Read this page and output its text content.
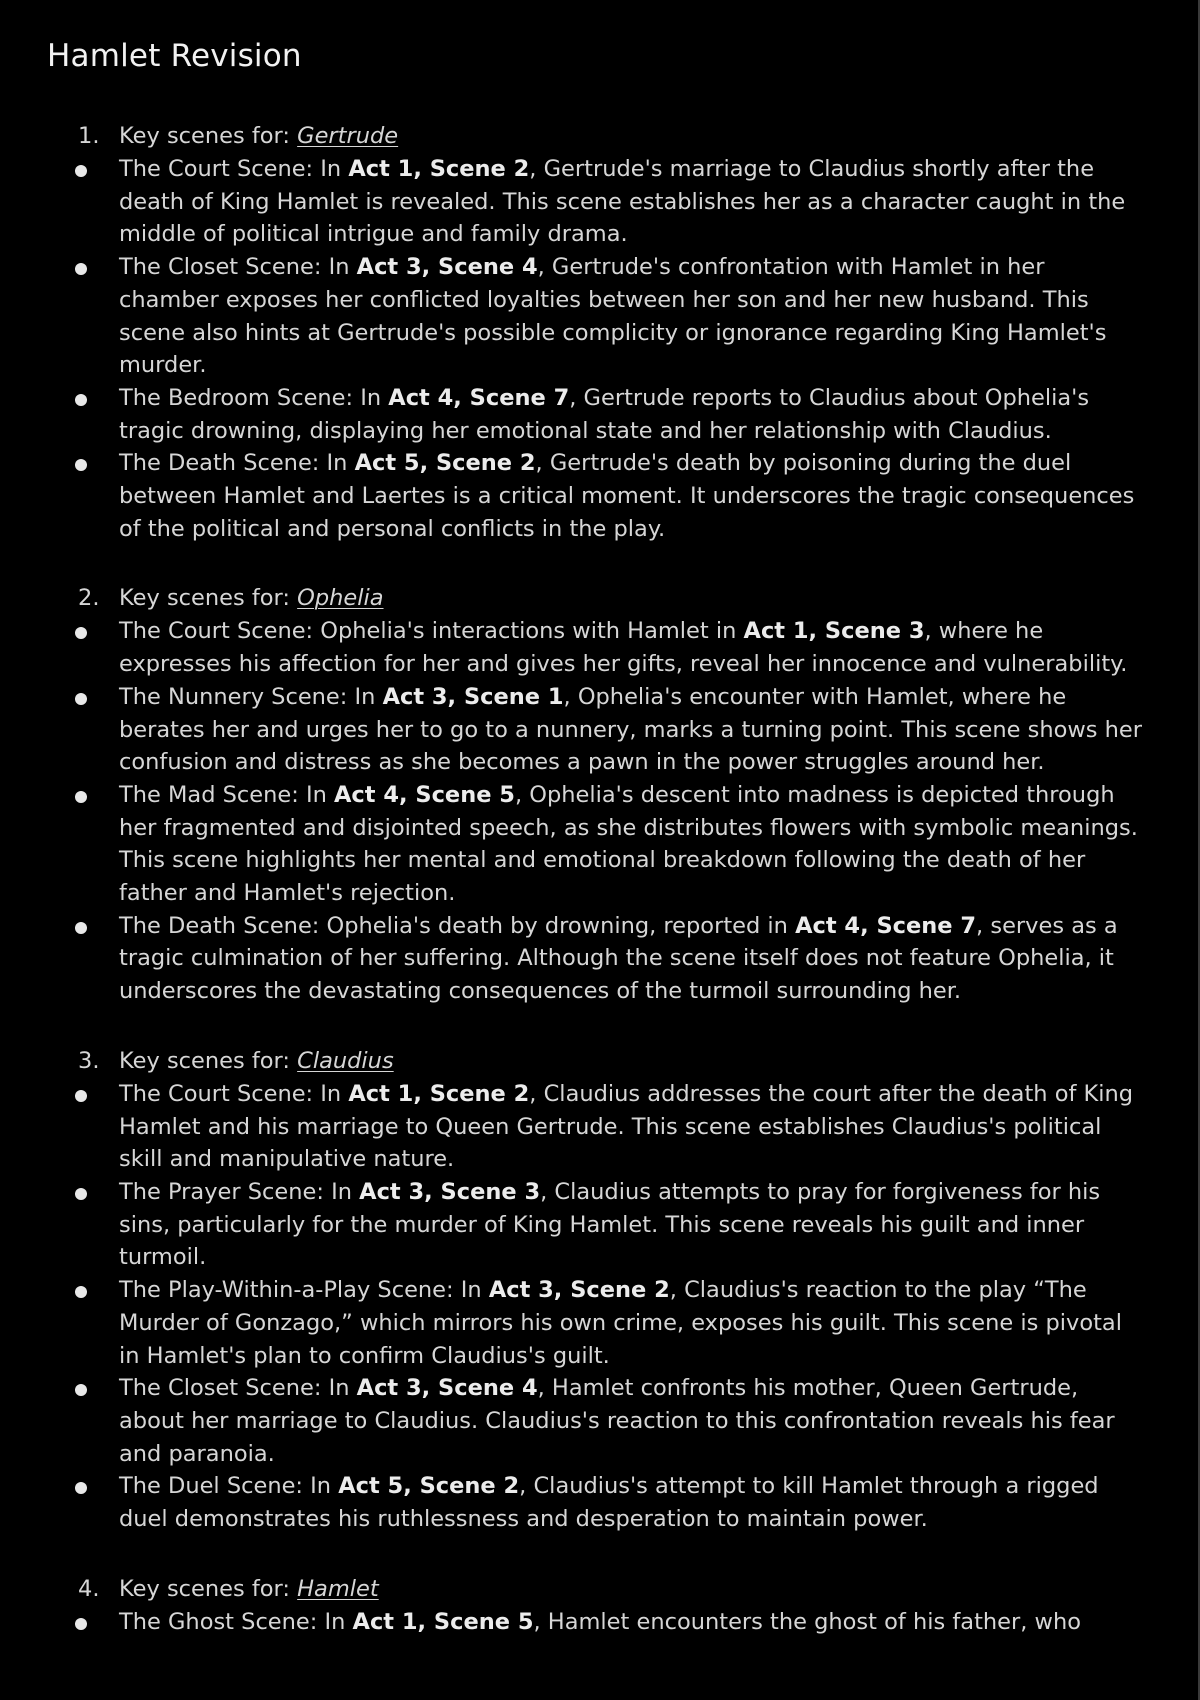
Hamlet Revision
1. Key scenes for: Gertrude
The Court Scene: In Act 1, Scene 2, Gertrude's marriage to Claudius shortly after the death of King Hamlet is revealed. This scene establishes her as a character caught in the middle of political intrigue and family drama.
The Closet Scene: In Act 3, Scene 4, Gertrude's confrontation with Hamlet in her chamber exposes her conflicted loyalties between her son and her new husband. This scene also hints at Gertrude's possible complicity or ignorance regarding King Hamlet's murder.
The Bedroom Scene: In Act 4, Scene 7, Gertrude reports to Claudius about Ophelia's tragic drowning, displaying her emotional state and her relationship with Claudius.
The Death Scene: In Act 5, Scene 2, Gertrude's death by poisoning during the duel between Hamlet and Laertes is a critical moment. It underscores the tragic consequences of the political and personal conflicts in the play.
2. Key scenes for: Ophelia
The Court Scene: Ophelia's interactions with Hamlet in Act 1, Scene 3, where he expresses his affection for her and gives her gifts, reveal her innocence and vulnerability.
The Nunnery Scene: In Act 3, Scene 1, Ophelia's encounter with Hamlet, where he berates her and urges her to go to a nunnery, marks a turning point. This scene shows her confusion and distress as she becomes a pawn in the power struggles around her.
The Mad Scene: In Act 4, Scene 5, Ophelia's descent into madness is depicted through her fragmented and disjointed speech, as she distributes flowers with symbolic meanings. This scene highlights her mental and emotional breakdown following the death of her father and Hamlet's rejection.
The Death Scene: Ophelia's death by drowning, reported in Act 4, Scene 7, serves as a tragic culmination of her suffering. Although the scene itself does not feature Ophelia, it underscores the devastating consequences of the turmoil surrounding her.
3. Key scenes for: Claudius
The Court Scene: In Act 1, Scene 2, Claudius addresses the court after the death of King Hamlet and his marriage to Queen Gertrude. This scene establishes Claudius's political skill and manipulative nature.
The Prayer Scene: In Act 3, Scene 3, Claudius attempts to pray for forgiveness for his sins, particularly for the murder of King Hamlet. This scene reveals his guilt and inner turmoil.
The Play-Within-a-Play Scene: In Act 3, Scene 2, Claudius's reaction to the play “The Murder of Gonzago,” which mirrors his own crime, exposes his guilt. This scene is pivotal in Hamlet's plan to confirm Claudius's guilt.
The Closet Scene: In Act 3, Scene 4, Hamlet confronts his mother, Queen Gertrude, about her marriage to Claudius. Claudius's reaction to this confrontation reveals his fear and paranoia.
The Duel Scene: In Act 5, Scene 2, Claudius's attempt to kill Hamlet through a rigged duel demonstrates his ruthlessness and desperation to maintain power.
4. Key scenes for: Hamlet
The Ghost Scene: In Act 1, Scene 5, Hamlet encounters the ghost of his father, who
